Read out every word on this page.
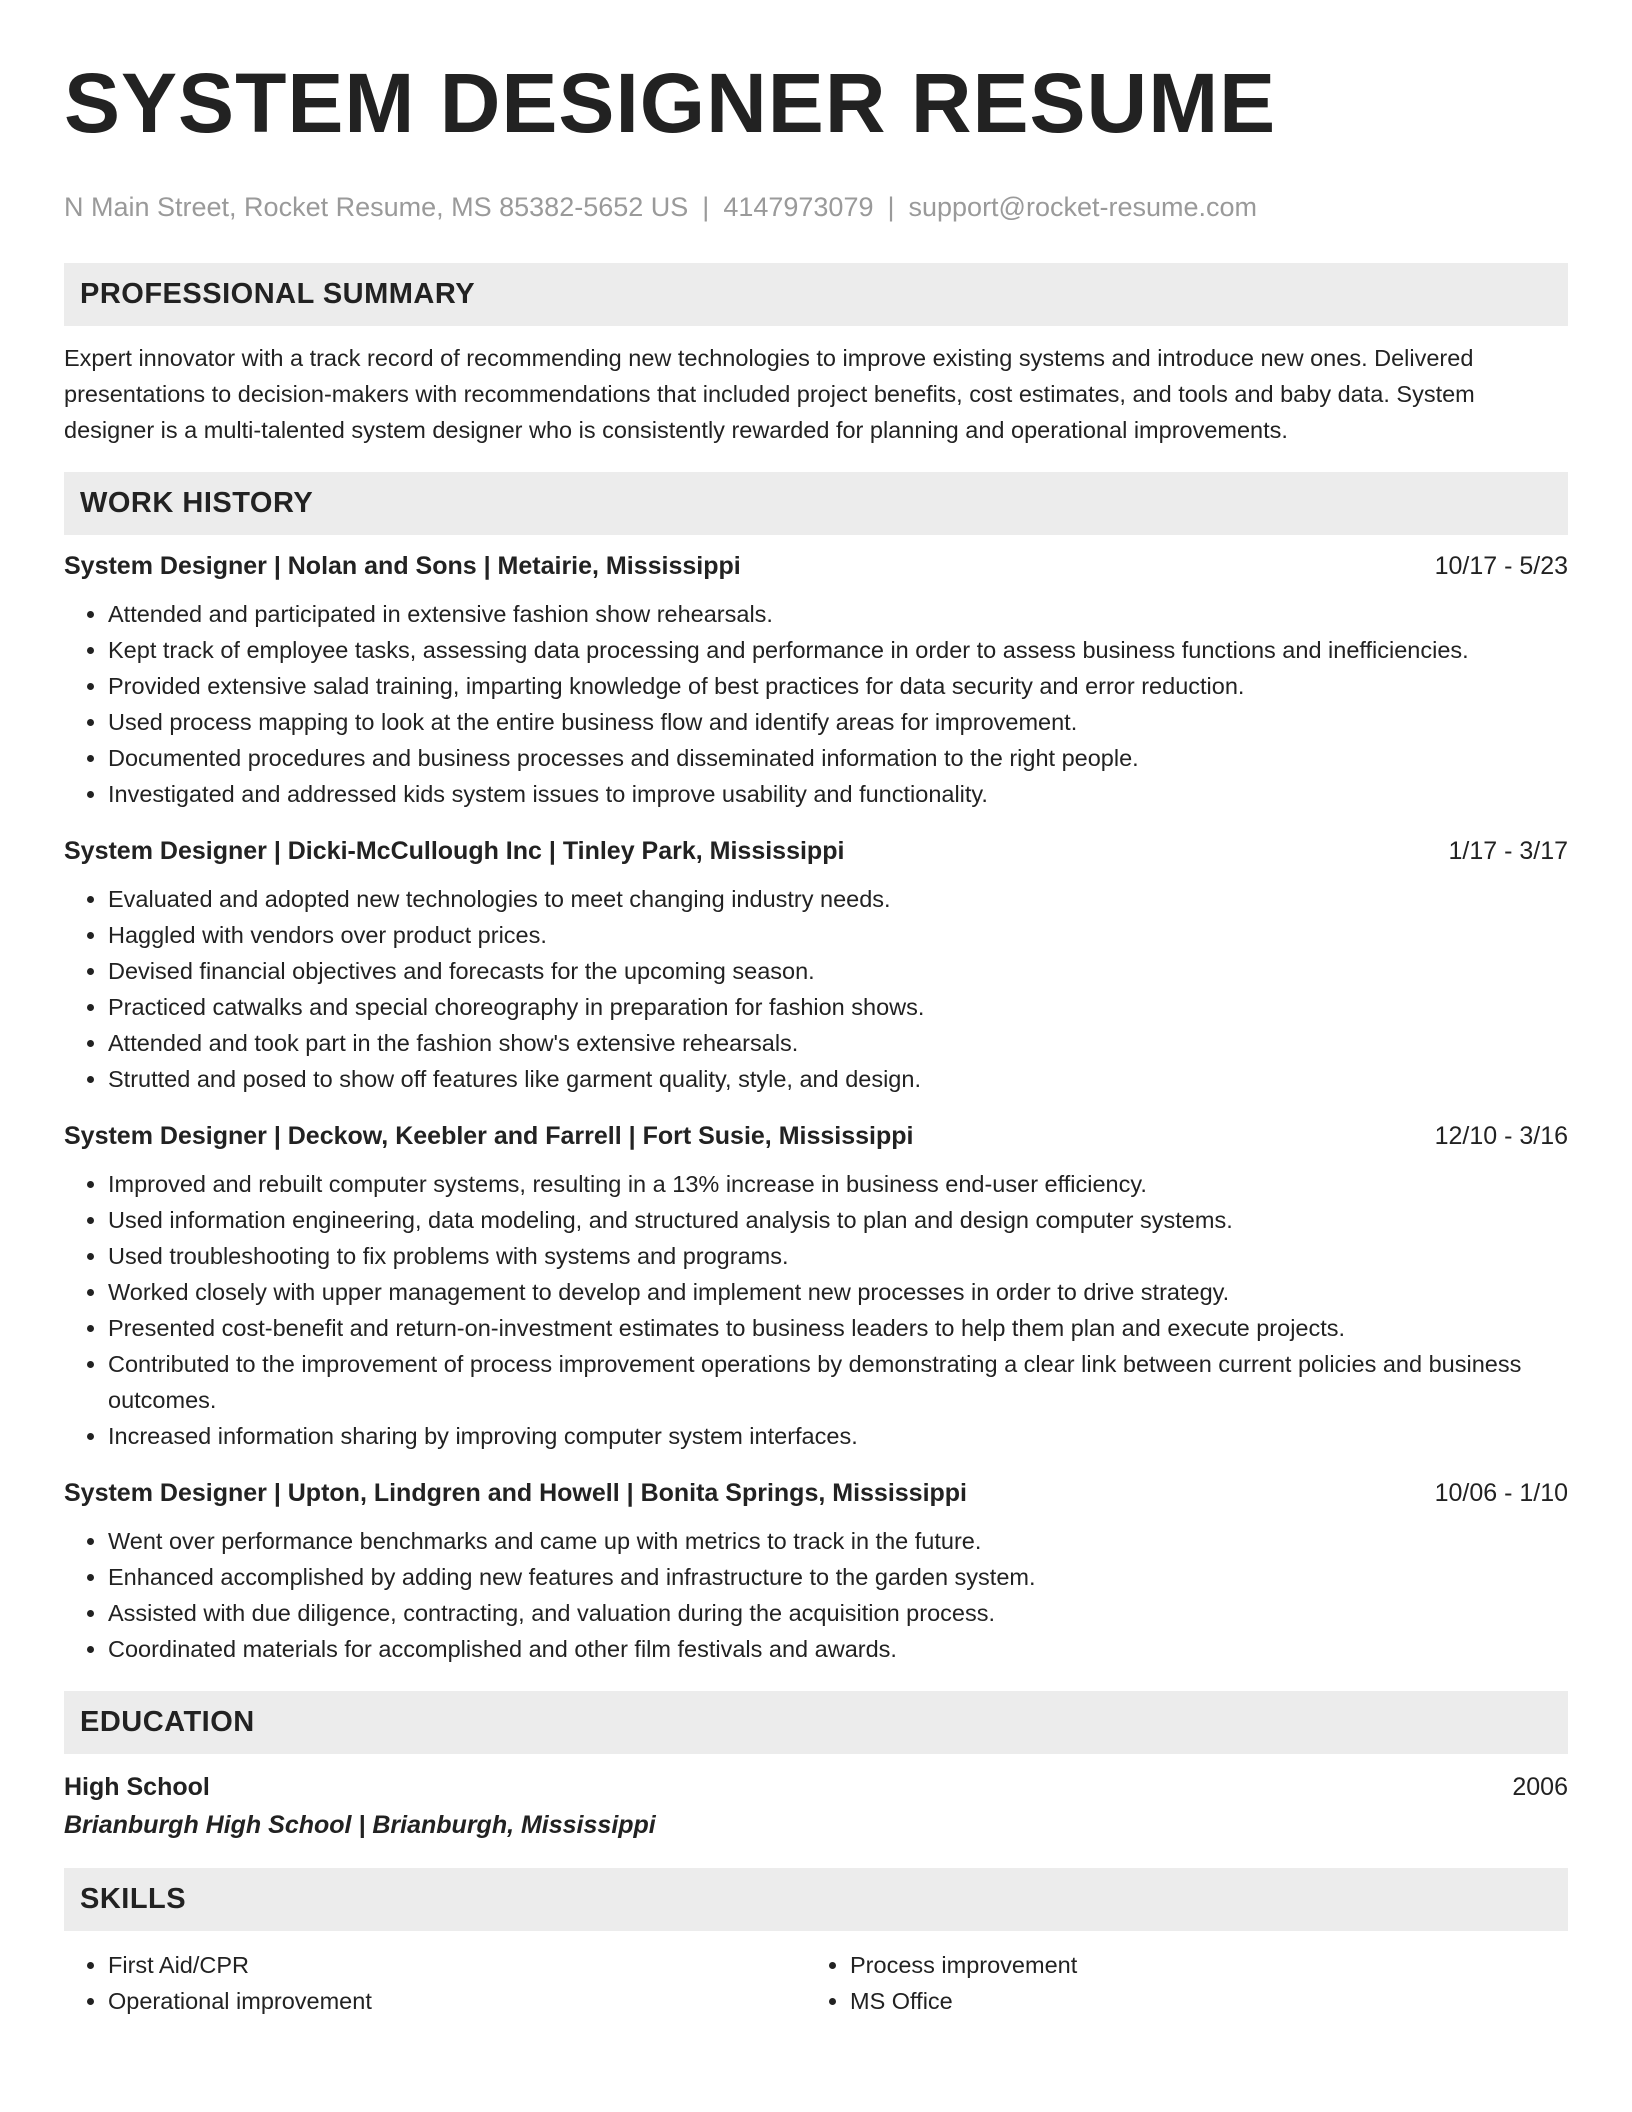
SYSTEM DESIGNER RESUME
N Main Street, Rocket Resume, MS 85382-5652 US | 4147973079 | support@rocket-resume.com
PROFESSIONAL SUMMARY
Expert innovator with a track record of recommending new technologies to improve existing systems and introduce new ones. Delivered presentations to decision-makers with recommendations that included project benefits, cost estimates, and tools and baby data. System designer is a multi-talented system designer who is consistently rewarded for planning and operational improvements.
WORK HISTORY
System Designer | Nolan and Sons | Metairie, Mississippi	10/17 - 5/23
• Attended and participated in extensive fashion show rehearsals.
• Kept track of employee tasks, assessing data processing and performance in order to assess business functions and inefficiencies.
• Provided extensive salad training, imparting knowledge of best practices for data security and error reduction.
• Used process mapping to look at the entire business flow and identify areas for improvement.
• Documented procedures and business processes and disseminated information to the right people.
• Investigated and addressed kids system issues to improve usability and functionality.
System Designer | Dicki-McCullough Inc | Tinley Park, Mississippi	1/17 - 3/17
• Evaluated and adopted new technologies to meet changing industry needs.
• Haggled with vendors over product prices.
• Devised financial objectives and forecasts for the upcoming season.
• Practiced catwalks and special choreography in preparation for fashion shows.
• Attended and took part in the fashion show's extensive rehearsals.
• Strutted and posed to show off features like garment quality, style, and design.
System Designer | Deckow, Keebler and Farrell | Fort Susie, Mississippi	12/10 - 3/16
• Improved and rebuilt computer systems, resulting in a 13% increase in business end-user efficiency.
• Used information engineering, data modeling, and structured analysis to plan and design computer systems.
• Used troubleshooting to fix problems with systems and programs.
• Worked closely with upper management to develop and implement new processes in order to drive strategy.
• Presented cost-benefit and return-on-investment estimates to business leaders to help them plan and execute projects.
• Contributed to the improvement of process improvement operations by demonstrating a clear link between current policies and business outcomes.
• Increased information sharing by improving computer system interfaces.
System Designer | Upton, Lindgren and Howell | Bonita Springs, Mississippi	10/06 - 1/10
• Went over performance benchmarks and came up with metrics to track in the future.
• Enhanced accomplished by adding new features and infrastructure to the garden system.
• Assisted with due diligence, contracting, and valuation during the acquisition process.
• Coordinated materials for accomplished and other film festivals and awards.
EDUCATION
High School	2006
Brianburgh High School | Brianburgh, Mississippi
SKILLS
• First Aid/CPR
• Operational improvement
• Process improvement
• MS Office
